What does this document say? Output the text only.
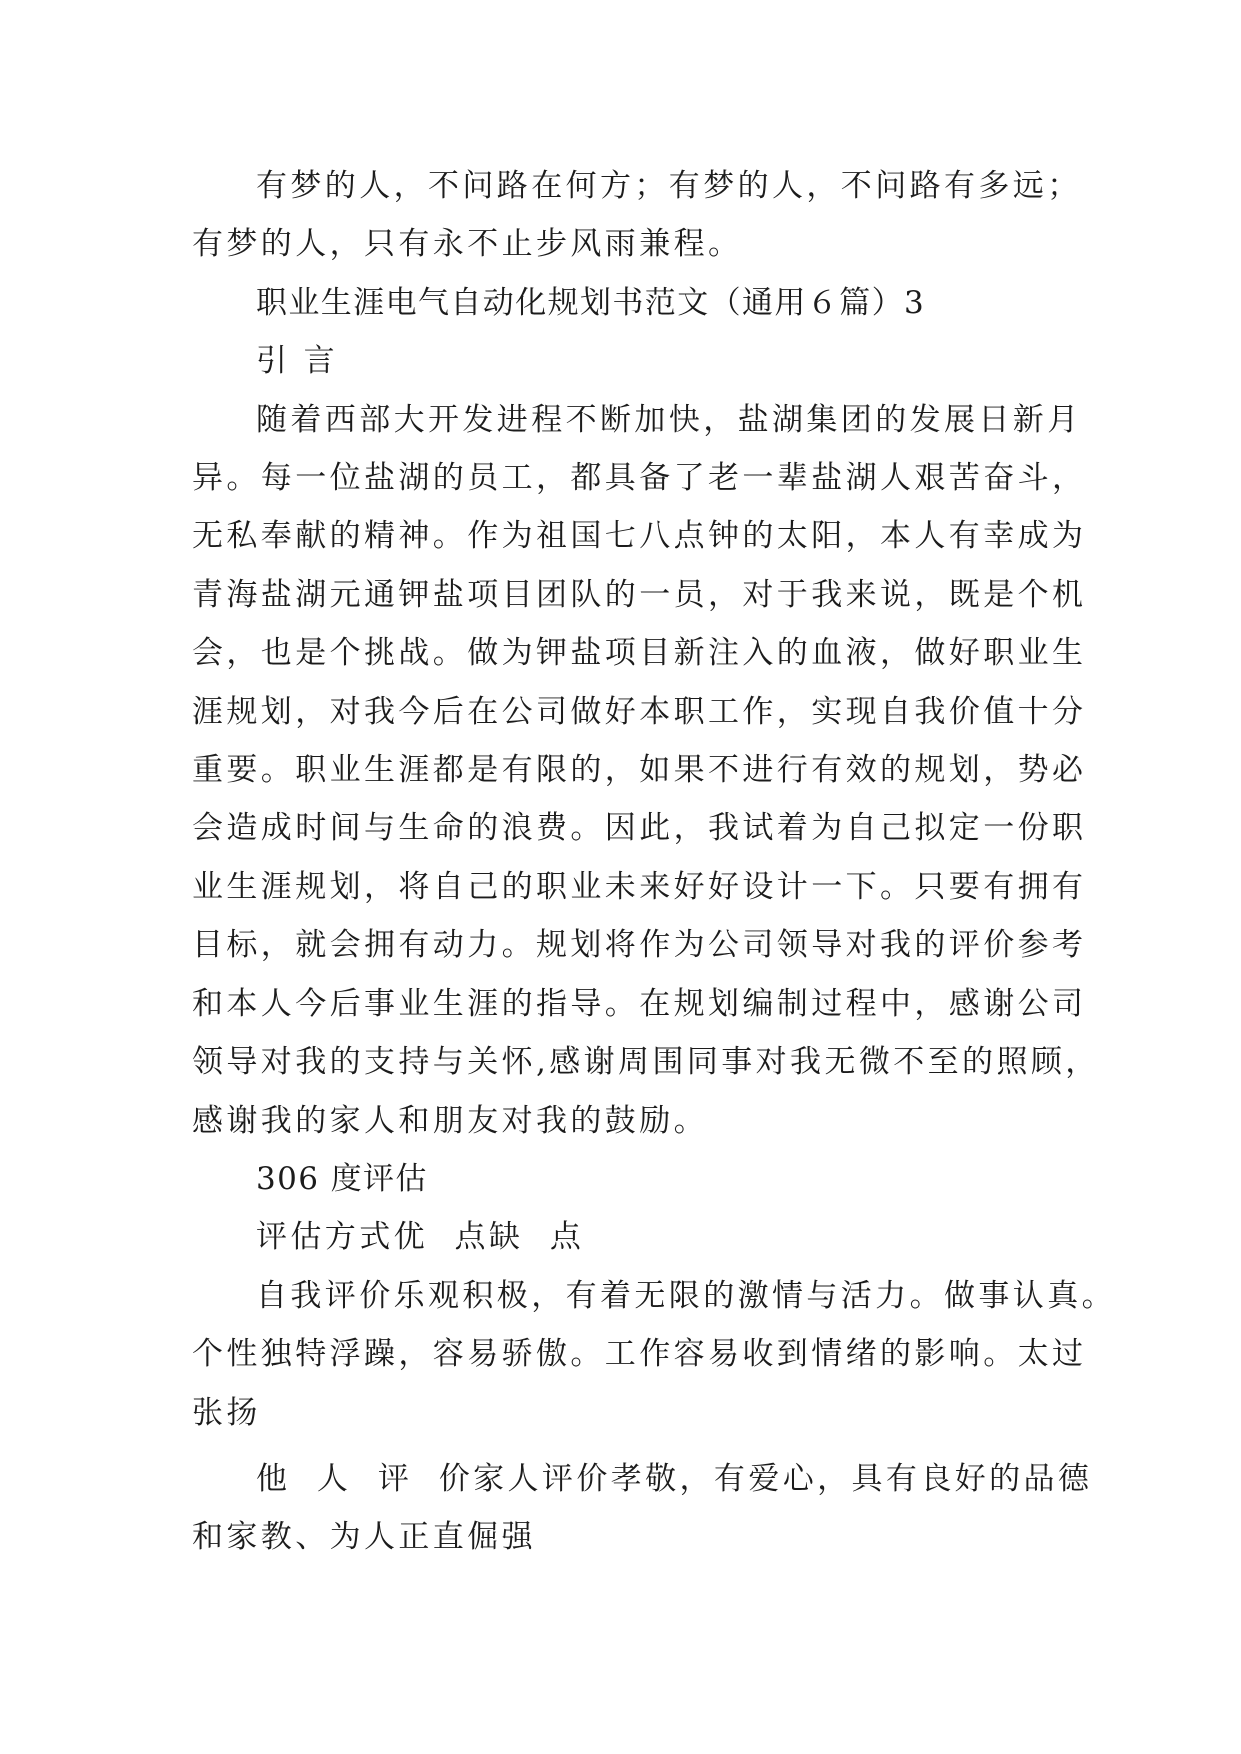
有梦的人，不问路在何方；有梦的人，不问路有多远；
有梦的人，只有永不止步风雨兼程。
职业生涯电气自动化规划书范文（通用６篇）3
引 言
随着西部大开发进程不断加快，盐湖集团的发展日新月
异。每一位盐湖的员工，都具备了老一辈盐湖人艰苦奋斗，
无私奉献的精神。作为祖国七八点钟的太阳，本人有幸成为
青海盐湖元通钾盐项目团队的一员，对于我来说，既是个机
会，也是个挑战。做为钾盐项目新注入的血液，做好职业生
涯规划，对我今后在公司做好本职工作，实现自我价值十分
重要。职业生涯都是有限的，如果不进行有效的规划，势必
会造成时间与生命的浪费。因此，我试着为自己拟定一份职
业生涯规划，将自己的职业未来好好设计一下。只要有拥有
目标，就会拥有动力。规划将作为公司领导对我的评价参考
和本人今后事业生涯的指导。在规划编制过程中，感谢公司
领导对我的支持与关怀,感谢周围同事对我无微不至的照顾，
感谢我的家人和朋友对我的鼓励。
306 度评估
评估方式优  点缺  点
自我评价乐观积极，有着无限的激情与活力。做事认真。
个性独特浮躁，容易骄傲。工作容易收到情绪的影响。太过
张扬
他  人  评  价家人评价孝敬，有爱心，具有良好的品德
和家教、为人正直倔强
